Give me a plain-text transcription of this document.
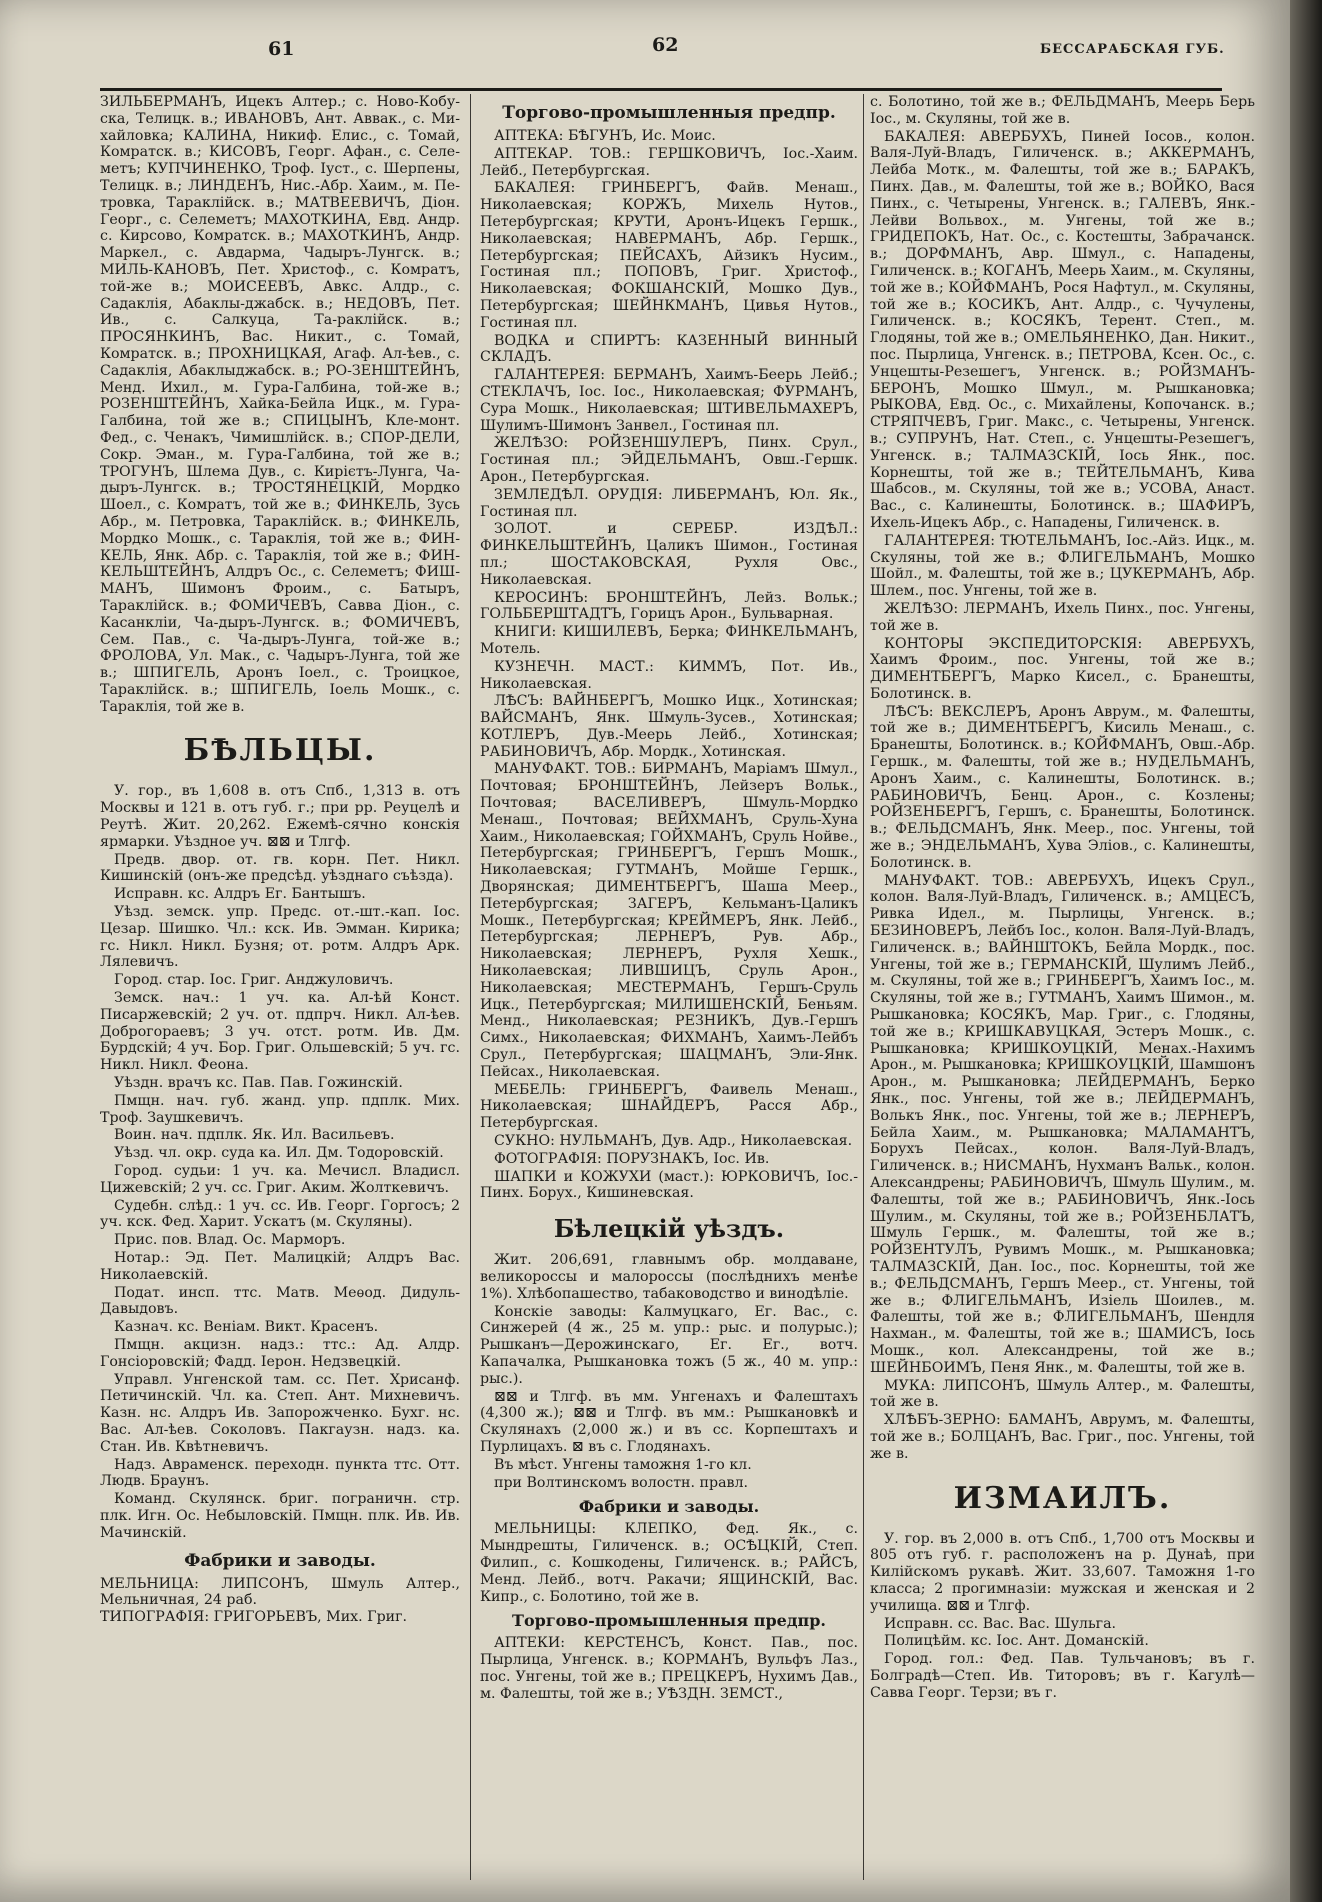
61	62	БЕССАРАБСКАЯ ГУБ.

ЗИЛЬБЕРМАНЪ, Ицекъ Алтер.; с. Ново-Кобу-ска, Телицк. в.; ИВАНОВЪ, Ант. Аввак., с. Ми-хайловка; КАЛИНА, Никиф. Елис., с. Томай, Комратск. в.; КИСОВЪ, Георг. Афан., с. Селе-метъ; КУПЧИНЕНКО, Троф. Іуст., с. Шерпены, Телицк. в.; ЛИНДЕНЪ, Нис.-Абр. Хаим., м. Пе-тровка, Тараклійск. в.; МАТВЕЕВИЧЪ, Діон. Георг., с. Селеметъ; МАХОТКИНА, Евд. Андр. с. Кирсово, Комратск. в.; МАХОТКИНЪ, Андр. Маркел., с. Авдарма, Чадыръ-Лунгск. в.; МИЛЬ-КАНОВЪ, Пет. Христоф., с. Комратъ, той-же в.; МОИСЕЕВЪ, Авкс. Алдр., с. Садаклія, Абаклы-джабск. в.; НЕДОВЪ, Пет. Ив., с. Салкуца, Та-раклійск. в.; ПРОСЯНКИНЪ, Вас. Никит., с. Томай, Комратск. в.; ПРОХНИЦКАЯ, Агаф. Ал-ѣев., с. Садаклія, Абаклыджабск. в.; РО-ЗЕНШТЕЙНЪ, Менд. Ихил., м. Гура-Галбина, той-же в.; РОЗЕНШТЕЙНЪ, Хайка-Бейла Ицк., м. Гура-Галбина, той же в.; СПИЦЫНЪ, Кле-монт. Фед., с. Ченакъ, Чимишлійск. в.; СПОР-ДЕЛИ, Сокр. Эман., м. Гура-Галбина, той же в.; ТРОГУНЪ, Шлема Дув., с. Кирієтъ-Лунга, Ча-дыръ-Лунгск. в.; ТРОСТЯНЕЦКІЙ, Мордко Шоел., с. Комратъ, той же в.; ФИНКЕЛЬ, Зусь Абр., м. Петровка, Тараклійск. в.; ФИНКЕЛЬ, Мордко Мошк., с. Тараклія, той же в.; ФИН-КЕЛЬ, Янк. Абр. с. Тараклія, той же в.; ФИН-КЕЛЬШТЕЙНЪ, Алдръ Ос., с. Селеметъ; ФИШ-МАНЪ, Шимонъ Фроим., с. Батыръ, Тараклійск. в.; ФОМИЧЕВЪ, Савва Діон., с. Касанкліи, Ча-дыръ-Лунгск. в.; ФОМИЧЕВЪ, Сем. Пав., с. Ча-дыръ-Лунга, той-же в.; ФРОЛОВА, Ул. Мак., с. Чадыръ-Лунга, той же в.; ШПИГЕЛЬ, Аронъ Іоел., с. Троицкое, Тараклійск. в.; ШПИГЕЛЬ, Іоель Мошк., с. Тараклія, той же в.

БѢЛЬЦЫ.

У. гор., въ 1,608 в. отъ Спб., 1,313 в. отъ Москвы и 121 в. отъ губ. г.; при рр. Реуцелѣ и Реутѣ. Жит. 20,262. Ежемѣ-сячно конскія ярмарки. Уѣздное уч. ⊠⊠ и Тлгф.

Предв. двор. от. гв. корн. Пет. Никл. Кишинскій (онъ-же предсѣд. уѣзднаго съѣзда).

Исправн. кс. Алдръ Ег. Бантышъ.

Уѣзд. земск. упр. Предс. от.-шт.-кап. Іос. Цезар. Шишко. Чл.: кск. Ив. Эмман. Кирика; гс. Никл. Никл. Бузня; от. ротм. Алдръ Арк. Лялевичъ.

Город. стар. Іос. Григ. Анджуловичъ.

Земск. нач.: 1 уч. ка. Ал-ѣй Конст. Писаржевскій; 2 уч. от. пдпрч. Никл. Ал-ѣев. Доброгораевъ; 3 уч. отст. ротм. Ив. Дм. Бурдскій; 4 уч. Бор. Григ. Ольшевскій; 5 уч. гс. Никл. Никл. Феона.

Уѣздн. врачъ кс. Пав. Пав. Гожинскій.

Пмщн. нач. губ. жанд. упр. пдплк. Мих. Троф. Заушкевичъ.

Воин. нач. пдплк. Як. Ил. Васильевъ.

Уѣзд. чл. окр. суда ка. Ил. Дм. Тодоровскій.

Город. судьи: 1 уч. ка. Мечисл. Владисл. Цижевскій; 2 уч. сс. Григ. Аким. Жолткевичъ.

Судебн. слѣд.: 1 уч. сс. Ив. Георг. Горгосъ; 2 уч. кск. Фед. Харит. Ускатъ (м. Скуляны).

Прис. пов. Влад. Ос. Марморъ.

Нотар.: Эд. Пет. Малицкій; Алдръ Вас. Николаевскій.

Подат. инсп. ттс. Матв. Меѳод. Дидуль-Давыдовъ.

Казнач. кс. Веніам. Викт. Красенъ.

Пмщн. акцизн. надз.: ттс.: Ад. Алдр. Гонсіоровскій; Фадд. Іерон. Недзвецкій.

Управл. Унгенской там. сс. Пет. Хрисанф. Петичинскій. Чл. ка. Степ. Ант. Михневичъ. Казн. нс. Алдръ Ив. Запорожченко. Бухг. нс. Вас. Ал-ѣев. Соколовъ. Пакгаузн. надз. ка. Стан. Ив. Квѣтневичъ.

Надз. Авраменск. переходн. пункта ттс. Отт. Людв. Браунъ.

Команд. Скулянск. бриг. пограничн. стр. плк. Игн. Ос. Небыловскій. Пмщн. плк. Ив. Ив. Мачинскій.

Фабрики и заводы.

МЕЛЬНИЦА: ЛИПСОНЪ, Шмуль Алтер., Мельничная, 24 раб.

ТИПОГРАФІЯ: ГРИГОРЬЕВЪ, Мих. Григ.

Торгово-промышленныя предпр.

АПТЕКА: БѢГУНЪ, Ис. Моис.

АПТЕКАР. ТОВ.: ГЕРШКОВИЧЪ, Іос.-Хаим. Лейб., Петербургская.

БАКАЛЕЯ: ГРИНБЕРГЪ, Файв. Менаш., Николаевская; КОРЖЪ, Михель Нутов., Петербургская; КРУТИ, Аронъ-Ицекъ Гершк., Николаевская; НАВЕРМАНЪ, Абр. Гершк., Петербургская; ПЕЙСАХЪ, Айзикъ Нусим., Гостиная пл.; ПОПОВЪ, Григ. Христоф., Николаевская; ФОКШАНСКІЙ, Мошко Дув., Петербургская; ШЕЙНКМАНЪ, Цивья Нутов., Гостиная пл.

ВОДКА и СПИРТЪ: КАЗЕННЫЙ ВИННЫЙ СКЛАДЪ.

ГАЛАНТЕРЕЯ: БЕРМАНЪ, Хаимъ-Беерь Лейб.; СТЕКЛАЧЪ, Іос. Іос., Николаевская; ФУРМАНЪ, Сура Мошк., Николаевская; ШТИВЕЛЬМАХЕРЪ, Шулимъ-Шимонъ Занвел., Гостиная пл.

ЖЕЛѢЗО: РОЙЗЕНШУЛЕРЪ, Пинх. Срул., Гостиная пл.; ЭЙДЕЛЬМАНЪ, Овш.-Гершк. Арон., Петербургская.

ЗЕМЛЕДѢЛ. ОРУДІЯ: ЛИБЕРМАНЪ, Юл. Як., Гостиная пл.

ЗОЛОТ. и СЕРЕБР. ИЗДѢЛ.: ФИНКЕЛЬШТЕЙНЪ, Цаликъ Шимон., Гостиная пл.; ШОСТАКОВСКАЯ, Рухля Овс., Николаевская.

КЕРОСИНЪ: БРОНШТЕЙНЪ, Лейз. Вольк.; ГОЛЬБЕРШТАДТЪ, Горицъ Арон., Бульварная.

КНИГИ: КИШИЛЕВЪ, Берка; ФИНКЕЛЬМАНЪ, Мотель.

КУЗНЕЧН. МАСТ.: КИММЪ, Пот. Ив., Николаевская.

ЛѢСЪ: ВАЙНБЕРГЪ, Мошко Ицк., Хотинская; ВАЙСМАНЪ, Янк. Шмуль-Зусев., Хотинская; КОТЛЕРЪ, Дув.-Меерь Лейб., Хотинская; РАБИНОВИЧЪ, Абр. Мордк., Хотинская.

МАНУФАКТ. ТОВ.: БИРМАНЪ, Маріамъ Шмул., Почтовая; БРОНШТЕЙНЪ, Лейзеръ Вольк., Почтовая; ВАСЕЛИВЕРЪ, Шмуль-Мордко Менаш., Почтовая; ВЕЙХМАНЪ, Сруль-Хуна Хаим., Николаевская; ГОЙХМАНЪ, Сруль Нойве., Петербургская; ГРИНБЕРГЪ, Гершъ Мошк., Николаевская; ГУТМАНЪ, Мойше Гершк., Дворянская; ДИМЕНТБЕРГЪ, Шаша Меер., Петербургская; ЗАГЕРЪ, Кельманъ-Цаликъ Мошк., Петербургская; КРЕЙМЕРЪ, Янк. Лейб., Петербургская; ЛЕРНЕРЪ, Рув. Абр., Николаевская; ЛЕРНЕРЪ, Рухля Хешк., Николаевская; ЛИВШИЦЪ, Сруль Арон., Николаевская; МЕСТЕРМАНЪ, Гершъ-Сруль Ицк., Петербургская; МИЛИШЕНСКІЙ, Беньям. Менд., Николаевская; РЕЗНИКЪ, Дув.-Гершъ Симх., Николаевская; ФИХМАНЪ, Хаимъ-Лейбъ Срул., Петербургская; ШАЦМАНЪ, Эли-Янк. Пейсах., Николаевская.

МЕБЕЛЬ: ГРИНБЕРГЪ, Фаивель Менаш., Николаевская; ШНАЙДЕРЪ, Расся Абр., Петербургская.

СУКНО: НУЛЬМАНЪ, Дув. Адр., Николаевская.

ФОТОГРАФІЯ: ПОРУЗНАКЪ, Іос. Ив.

ШАПКИ и КОЖУХИ (маст.): ЮРКОВИЧЪ, Іос.-Пинх. Борух., Кишиневская.

Бѣлецкій уѣздъ.

Жит. 206,691, главнымъ обр. молдаване, великороссы и малороссы (послѣднихъ менѣе 1%). Хлѣбопашество, табаководство и винодѣліе.

Конскіе заводы: Калмуцкаго, Ег. Вас., с. Синжерей (4 ж., 25 м. упр.: рыс. и полурыс.); Рышканъ—Дерожинскаго, Ег. Ег., вотч. Капачалка, Рышкановка тожъ (5 ж., 40 м. упр.: рыс.).

⊠⊠ и Тлгф. въ мм. Унгенахъ и Фалештахъ (4,300 ж.); ⊠⊠ и Тлгф. въ мм.: Рышкановкѣ и Скулянахъ (2,000 ж.) и въ сс. Корпештахъ и Пурлицахъ. ⊠ въ с. Глодянахъ.

Въ мѣст. Унгены таможня 1-го кл.

при Волтинскомъ волостн. правл.

Фабрики и заводы.

МЕЛЬНИЦЫ: КЛЕПКО, Фед. Як., с. Мындрешты, Гиличенск. в.; ОСѢЦКІЙ, Степ. Филип., с. Кошкодены, Гиличенск. в.; РАЙСЪ, Менд. Лейб., вотч. Ракачи; ЯЩИНСКІЙ, Вас. Кипр., с. Болотино, той же в.

Торгово-промышленныя предпр.

АПТЕКИ: КЕРСТЕНСЪ, Конст. Пав., пос. Пырлица, Унгенск. в.; КОРМАНЪ, Вульфъ Лаз., пос. Унгены, той же в.; ПРЕЦКЕРЪ, Нухимъ Дав., м. Фалешты, той же в.; УѢЗДН. ЗЕМСТ.,

с. Болотино, той же в.; ФЕЛЬДМАНЪ, Меерь Берь Іос., м. Скуляны, той же в.

БАКАЛЕЯ: АВЕРБУХЪ, Пиней Іосов., колон. Валя-Луй-Владъ, Гиличенск. в.; АККЕРМАНЪ, Лейба Мотк., м. Фалешты, той же в.; БАРАКЪ, Пинх. Дав., м. Фалешты, той же в.; ВОЙКО, Вася Пинх., с. Четырены, Унгенск. в.; ГАЛЕВЪ, Янк.-Лейви Вольвох., м. Унгены, той же в.; ГРИДЕПОКЪ, Нат. Ос., с. Костешты, Забрачанск. в.; ДОРФМАНЪ, Авр. Шмул., с. Нападены, Гиличенск. в.; КОГАНЪ, Меерь Хаим., м. Скуляны, той же в.; КОЙФМАНЪ, Рося Нафтул., м. Скуляны, той же в.; КОСИКЪ, Ант. Алдр., с. Чучулены, Гиличенск. в.; КОСЯКЪ, Терент. Степ., м. Глодяны, той же в.; ОМЕЛЬЯНЕНКО, Дан. Никит., пос. Пырлица, Унгенск. в.; ПЕТРОВА, Ксен. Ос., с. Унцешты-Резешегъ, Унгенск. в.; РОЙЗМАНЪ-БЕРОНЪ, Мошко Шмул., м. Рышкановка; РЫКОВА, Евд. Ос., с. Михайлены, Копочанск. в.; СТРЯПЧЕВЪ, Григ. Макс., с. Четырены, Унгенск. в.; СУПРУНЪ, Нат. Степ., с. Унцешты-Резешегъ, Унгенск. в.; ТАЛМАЗСКІЙ, Іось Янк., пос. Корнешты, той же в.; ТЕЙТЕЛЬМАНЪ, Кива Шабсов., м. Скуляны, той же в.; УСОВА, Анаст. Вас., с. Калинешты, Болотинск. в.; ШАФИРЪ, Ихель-Ицекъ Абр., с. Нападены, Гиличенск. в.

ГАЛАНТЕРЕЯ: ТЮТЕЛЬМАНЪ, Іос.-Айз. Ицк., м. Скуляны, той же в.; ФЛИГЕЛЬМАНЪ, Мошко Шойл., м. Фалешты, той же в.; ЦУКЕРМАНЪ, Абр. Шлем., пос. Унгены, той же в.

ЖЕЛѢЗО: ЛЕРМАНЪ, Ихель Пинх., пос. Унгены, той же в.

КОНТОРЫ ЭКСПЕДИТОРСКІЯ: АВЕРБУХЪ, Хаимъ Фроим., пос. Унгены, той же в.; ДИМЕНТБЕРГЪ, Марко Кисел., с. Бранешты, Болотинск. в.

ЛѢСЪ: ВЕКСЛЕРЪ, Аронъ Аврум., м. Фалешты, той же в.; ДИМЕНТБЕРГЪ, Кисиль Менаш., с. Бранешты, Болотинск. в.; КОЙФМАНЪ, Овш.-Абр. Гершк., м. Фалешты, той же в.; НУДЕЛЬМАНЪ, Аронъ Хаим., с. Калинешты, Болотинск. в.; РАБИНОВИЧЪ, Бенц. Арон., с. Козлены; РОЙЗЕНБЕРГЪ, Гершъ, с. Бранешты, Болотинск. в.; ФЕЛЬДСМАНЪ, Янк. Меер., пос. Унгены, той же в.; ЭНДЕЛЬМАНЪ, Хува Эліов., с. Калинешты, Болотинск. в.

МАНУФАКТ. ТОВ.: АВЕРБУХЪ, Ицекъ Срул., колон. Валя-Луй-Владъ, Гиличенск. в.; АМЦЕСЪ, Ривка Идел., м. Пырлицы, Унгенск. в.; БЕЗИНОВЕРЪ, Лейбъ Іос., колон. Валя-Луй-Владъ, Гиличенск. в.; ВАЙНШТОКЪ, Бейла Мордк., пос. Унгены, той же в.; ГЕРМАНСКІЙ, Шулимъ Лейб., м. Скуляны, той же в.; ГРИНБЕРГЪ, Хаимъ Іос., м. Скуляны, той же в.; ГУТМАНЪ, Хаимъ Шимон., м. Рышкановка; КОСЯКЪ, Мар. Григ., с. Глодяны, той же в.; КРИШКАВУЦКАЯ, Эстеръ Мошк., с. Рышкановка; КРИШКОУЦКІЙ, Менах.-Нахимъ Арон., м. Рышкановка; КРИШКОУЦКІЙ, Шамшонъ Арон., м. Рышкановка; ЛЕЙДЕРМАНЪ, Берко Янк., пос. Унгены, той же в.; ЛЕЙДЕРМАНЪ, Волькъ Янк., пос. Унгены, той же в.; ЛЕРНЕРЪ, Бейла Хаим., м. Рышкановка; МАЛАМАНТЪ, Борухъ Пейсах., колон. Валя-Луй-Владъ, Гиличенск. в.; НИСМАНЪ, Нухманъ Вальк., колон. Александрены; РАБИНОВИЧЪ, Шмуль Шулим., м. Фалешты, той же в.; РАБИНОВИЧЪ, Янк.-Іось Шулим., м. Скуляны, той же в.; РОЙЗЕНБЛАТЪ, Шмуль Гершк., м. Фалешты, той же в.; РОЙЗЕНТУЛЪ, Рувимъ Мошк., м. Рышкановка; ТАЛМАЗСКІЙ, Дан. Іос., пос. Корнешты, той же в.; ФЕЛЬДСМАНЪ, Гершъ Меер., ст. Унгены, той же в.; ФЛИГЕЛЬМАНЪ, Изіель Шоилев., м. Фалешты, той же в.; ФЛИГЕЛЬМАНЪ, Шендля Нахман., м. Фалешты, той же в.; ШАМИСЪ, Іось Мошк., кол. Александрены, той же в.; ШЕЙНБОИМЪ, Пеня Янк., м. Фалешты, той же в.

МУКА: ЛИПСОНЪ, Шмуль Алтер., м. Фалешты, той же в.

ХЛѢБЪ-ЗЕРНО: БАМАНЪ, Аврумъ, м. Фалешты, той же в.; БОЛЦАНЪ, Вас. Григ., пос. Унгены, той же в.

ИЗМАИЛЪ.

У. гор. въ 2,000 в. отъ Спб., 1,700 отъ Москвы и 805 отъ губ. г. расположенъ на р. Дунаѣ, при Килійскомъ рукавѣ. Жит. 33,607. Таможня 1-го класса; 2 прогимназіи: мужская и женская и 2 училища. ⊠⊠ и Тлгф.

Исправн. сс. Вас. Вас. Шульга.

Полицѣйм. кс. Іос. Ант. Доманскій.

Город. гол.: Фед. Пав. Тульчановъ; въ г. Болградѣ—Степ. Ив. Титоровъ; въ г. Кагулѣ—Савва Георг. Терзи; въ г.
